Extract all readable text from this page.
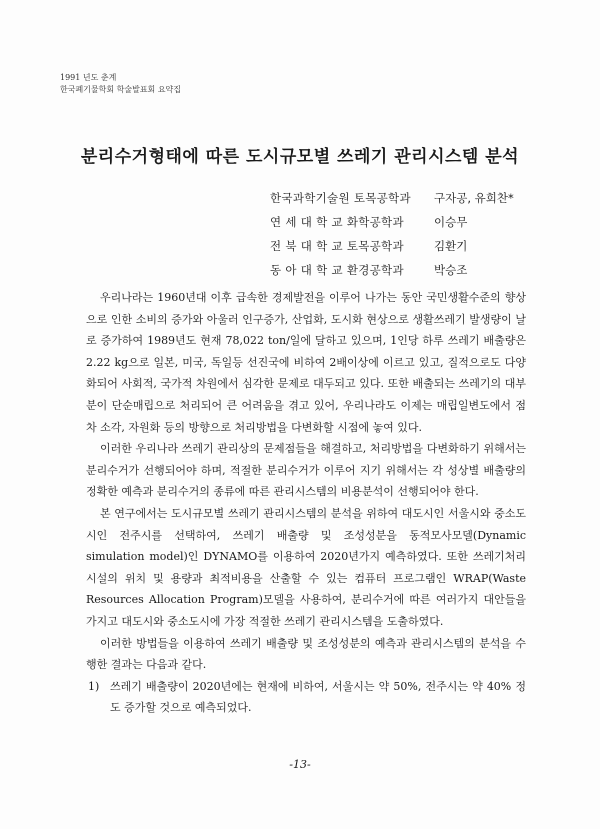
1991 년도 춘계
한국폐기물학회 학술발표회 요약집
분리수거형태에 따른 도시규모별 쓰레기 관리시스템 분석
한국과학기술원 토목공학과	구자공, 유희찬*
연 세 대 학 교 화학공학과	이승무
전 북 대 학 교 토목공학과	김환기
동 아 대 학 교 환경공학과	박승조

우리나라는 1960년대 이후 급속한 경제발전을 이루어 나가는 동안 국민생활수준의 향상으로 인한 소비의 증가와 아울러 인구증가, 산업화, 도시화 현상으로 생활쓰레기 발생량이 날로 증가하여 1989년도 현재 78,022 ton/일에 달하고 있으며, 1인당 하루 쓰레기 배출량은 2.22 kg으로 일본, 미국, 독일등 선진국에 비하여 2배이상에 이르고 있고, 질적으로도 다양화되어 사회적, 국가적 차원에서 심각한 문제로 대두되고 있다. 또한 배출되는 쓰레기의 대부분이 단순매립으로 처리되어 큰 어려움을 겪고 있어, 우리나라도 이제는 매립일변도에서 점차 소각, 자원화 등의 방향으로 처리방법을 다변화할 시점에 놓여 있다.

이러한 우리나라 쓰레기 관리상의 문제점들을 해결하고, 처리방법을 다변화하기 위해서는 분리수거가 선행되어야 하며, 적절한 분리수거가 이루어 지기 위해서는 각 성상별 배출량의 정확한 예측과 분리수거의 종류에 따른 관리시스템의 비용분석이 선행되어야 한다.

본 연구에서는 도시규모별 쓰레기 관리시스템의 분석을 위하여 대도시인 서울시와 중소도시인 전주시를 선택하여, 쓰레기 배출량 및 조성성분을 동적모사모델(Dynamic simulation model)인 DYNAMO를 이용하여 2020년가지 예측하였다. 또한 쓰레기처리시설의 위치 및 용량과 최적비용을 산출할 수 있는 컴퓨터 프로그램인 WRAP(Waste Resources Allocation Program)모델을 사용하여, 분리수거에 따른 여러가지 대안들을 가지고 대도시와 중소도시에 가장 적절한 쓰레기 관리시스템을 도출하였다.

이러한 방법들을 이용하여 쓰레기 배출량 및 조성성분의 예측과 관리시스템의 분석을 수행한 결과는 다음과 같다.

1) 쓰레기 배출량이 2020년에는 현재에 비하여, 서울시는 약 50%, 전주시는 약 40% 정도 증가할 것으로 예측되었다.
-13-
